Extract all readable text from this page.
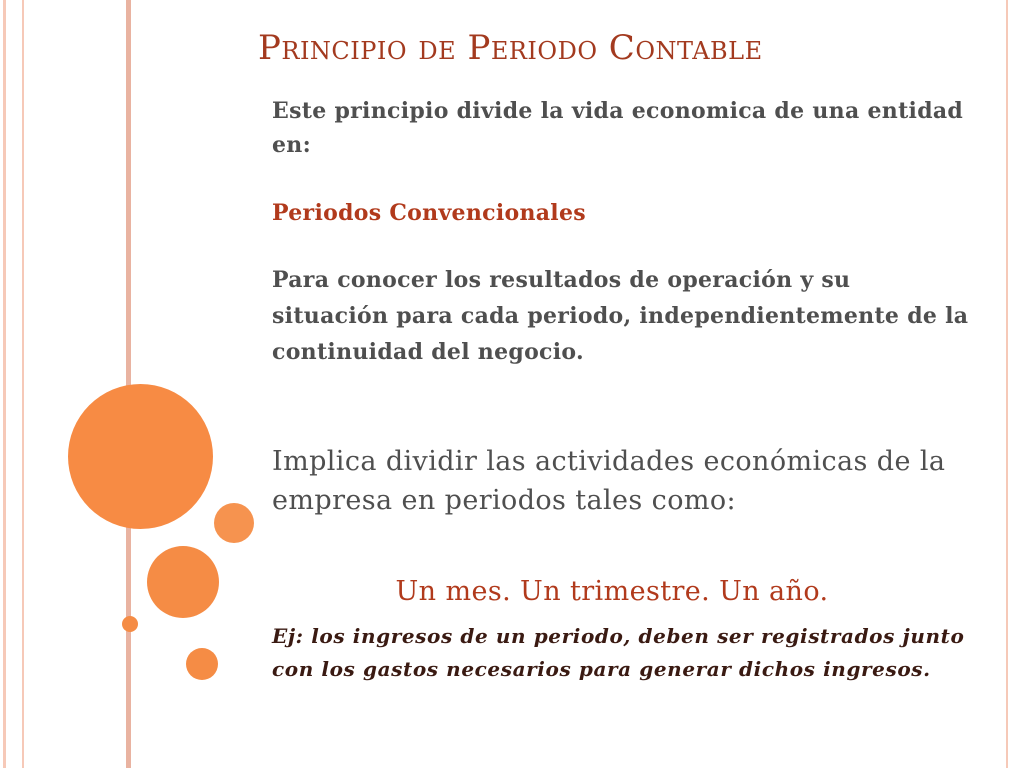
Principio de Periodo Contable

Este principio divide la vida economica de una entidad en:

Periodos Convencionales

Para conocer los resultados de operación y su situación para cada periodo, independientemente de la continuidad del negocio.

Implica dividir las actividades económicas de la empresa en periodos tales como:

Un mes. Un trimestre. Un año.

Ej: los ingresos de un periodo, deben ser registrados junto con los gastos necesarios para generar dichos ingresos.
